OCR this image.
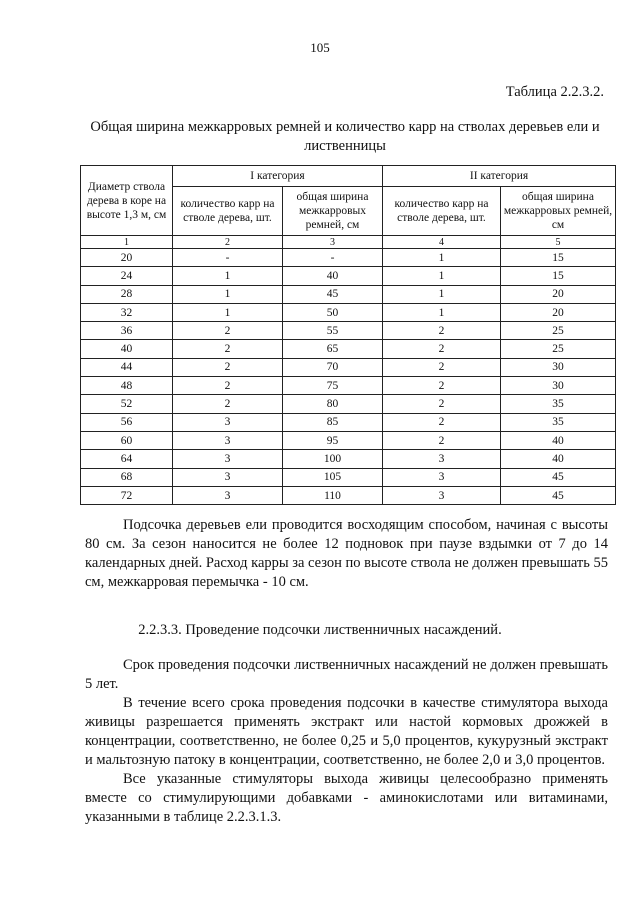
105
Таблица 2.2.3.2.
Общая ширина межкарровых ремней и количество карр на стволах деревьев ели и лиственницы
Диаметр ствола дерева в коре на высоте 1,3 м, см	I категория		II категория	
	количество карр на стволе дерева, шт.	общая ширина межкарровых ремней, см	количество карр на стволе дерева, шт.	общая ширина межкарровых ремней, см
1	2	3	4	5
20	-	-	1	15
24	1	40	1	15
28	1	45	1	20
32	1	50	1	20
36	2	55	2	25
40	2	65	2	25
44	2	70	2	30
48	2	75	2	30
52	2	80	2	35
56	3	85	2	35
60	3	95	2	40
64	3	100	3	40
68	3	105	3	45
72	3	110	3	45

Подсочка деревьев ели проводится восходящим способом, начиная с высоты 80 см. За сезон наносится не более 12 подновок при паузе вздымки от 7 до 14 календарных дней. Расход карры за сезон по высоте ствола не должен превышать 55 см, межкарровая перемычка - 10 см.

2.2.3.3. Проведение подсочки лиственничных насаждений.

Срок проведения подсочки лиственничных насаждений не должен превышать 5 лет.

В течение всего срока проведения подсочки в качестве стимулятора выхода живицы разрешается применять экстракт или настой кормовых дрожжей в концентрации, соответственно, не более 0,25 и 5,0 процентов, кукурузный экстракт и мальтозную патоку в концентрации, соответственно, не более 2,0 и 3,0 процентов.

Все указанные стимуляторы выхода живицы целесообразно применять вместе со стимулирующими добавками - аминокислотами или витаминами, указанными в таблице 2.2.3.1.3.
